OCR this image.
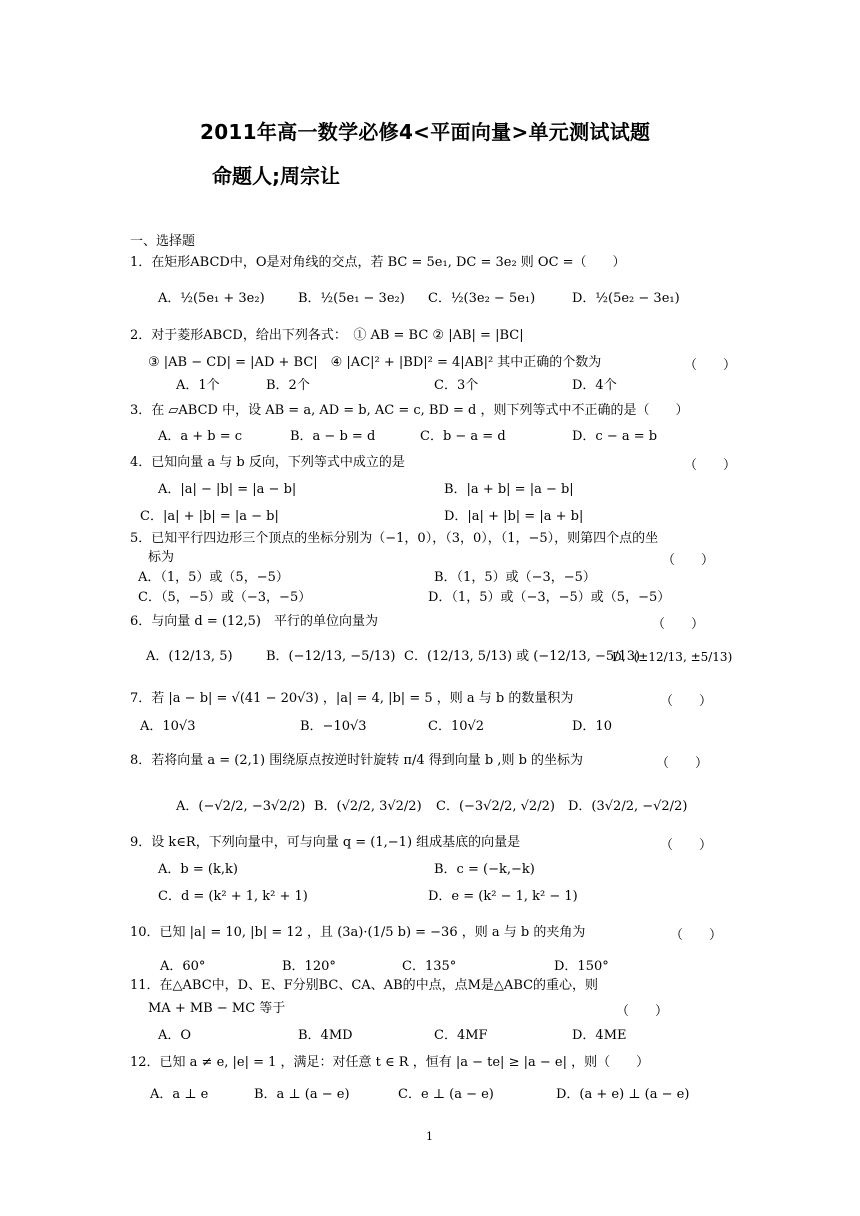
2011年高一数学必修4<平面向量>单元测试试题
命题人;周宗让
一、选择题
1．在矩形ABCD中，O是对角线的交点，若 BC = 5e₁, DC = 3e₂ 则 OC =（　　）
A．½(5e₁ + 3e₂)	B．½(5e₁ − 3e₂) C．½(3e₂ − 5e₁)	D．½(5e₂ − 3e₁)
2．对于菱形ABCD，给出下列各式：　① AB = BC ② |AB| = |BC|
③ |AB − CD| = |AD + BC|　④ |AC|² + |BD|² = 4|AB|² 其中正确的个数为	（　　）
A．1个	B．2个	C．3个	D．4个
3．在 ▱ABCD 中，设 AB = a, AD = b, AC = c, BD = d ，则下列等式中不正确的是（　　）
A．a + b = c	B．a − b = d	C．b − a = d	D．c − a = b
4．已知向量 a 与 b 反向，下列等式中成立的是	（　　）
A．|a| − |b| = |a − b|	B．|a + b| = |a − b|
C．|a| + |b| = |a − b|	D．|a| + |b| = |a + b|
5．已知平行四边形三个顶点的坐标分别为（−1，0），（3，0），（1，−5），则第四个点的坐
标为	（　　）
A．（1，5）或（5，−5）	B．（1，5）或（−3，−5）
C．（5，−5）或（−3，−5）	D．（1，5）或（−3，−5）或（5，−5）
6．与向量 d = (12,5)　平行的单位向量为	（　　）
A．(12/13, 5)	B．(−12/13, −5/13) C．(12/13, 5/13) 或 (−12/13, −5/13)
D．(±12/13, ±5/13)
7．若 |a − b| = √(41 − 20√3) ，|a| = 4, |b| = 5 ，则 a 与 b 的数量积为	（　　）
A．10√3	B．−10√3	C．10√2	D．10
8．若将向量 a = (2,1) 围绕原点按逆时针旋转 π/4 得到向量 b ,则 b 的坐标为	（　　）
A．(−√2/2, −3√2/2) B．(√2/2, 3√2/2) C．(−3√2/2, √2/2) D．(3√2/2, −√2/2)
9．设 k∈R，下列向量中，可与向量 q = (1,−1) 组成基底的向量是	（　　）
A．b = (k,k)	B．c = (−k,−k)
C．d = (k² + 1, k² + 1)	D．e = (k² − 1, k² − 1)
10．已知 |a| = 10, |b| = 12 ，且 (3a)·(1/5 b) = −36 ，则 a 与 b 的夹角为	（　　）
A．60°	B．120°	C．135°	D．150°
11．在△ABC中，D、E、F分别BC、CA、AB的中点，点M是△ABC的重心，则
MA + MB − MC 等于	（　　）
A．O	B．4MD	C．4MF	D．4ME
12．已知 a ≠ e, |e| = 1 ，满足：对任意 t ∈ R ，恒有 |a − te| ≥ |a − e| ，则（　　）
A．a ⊥ e	B．a ⊥ (a − e)	C．e ⊥ (a − e)	D．(a + e) ⊥ (a − e)
1
